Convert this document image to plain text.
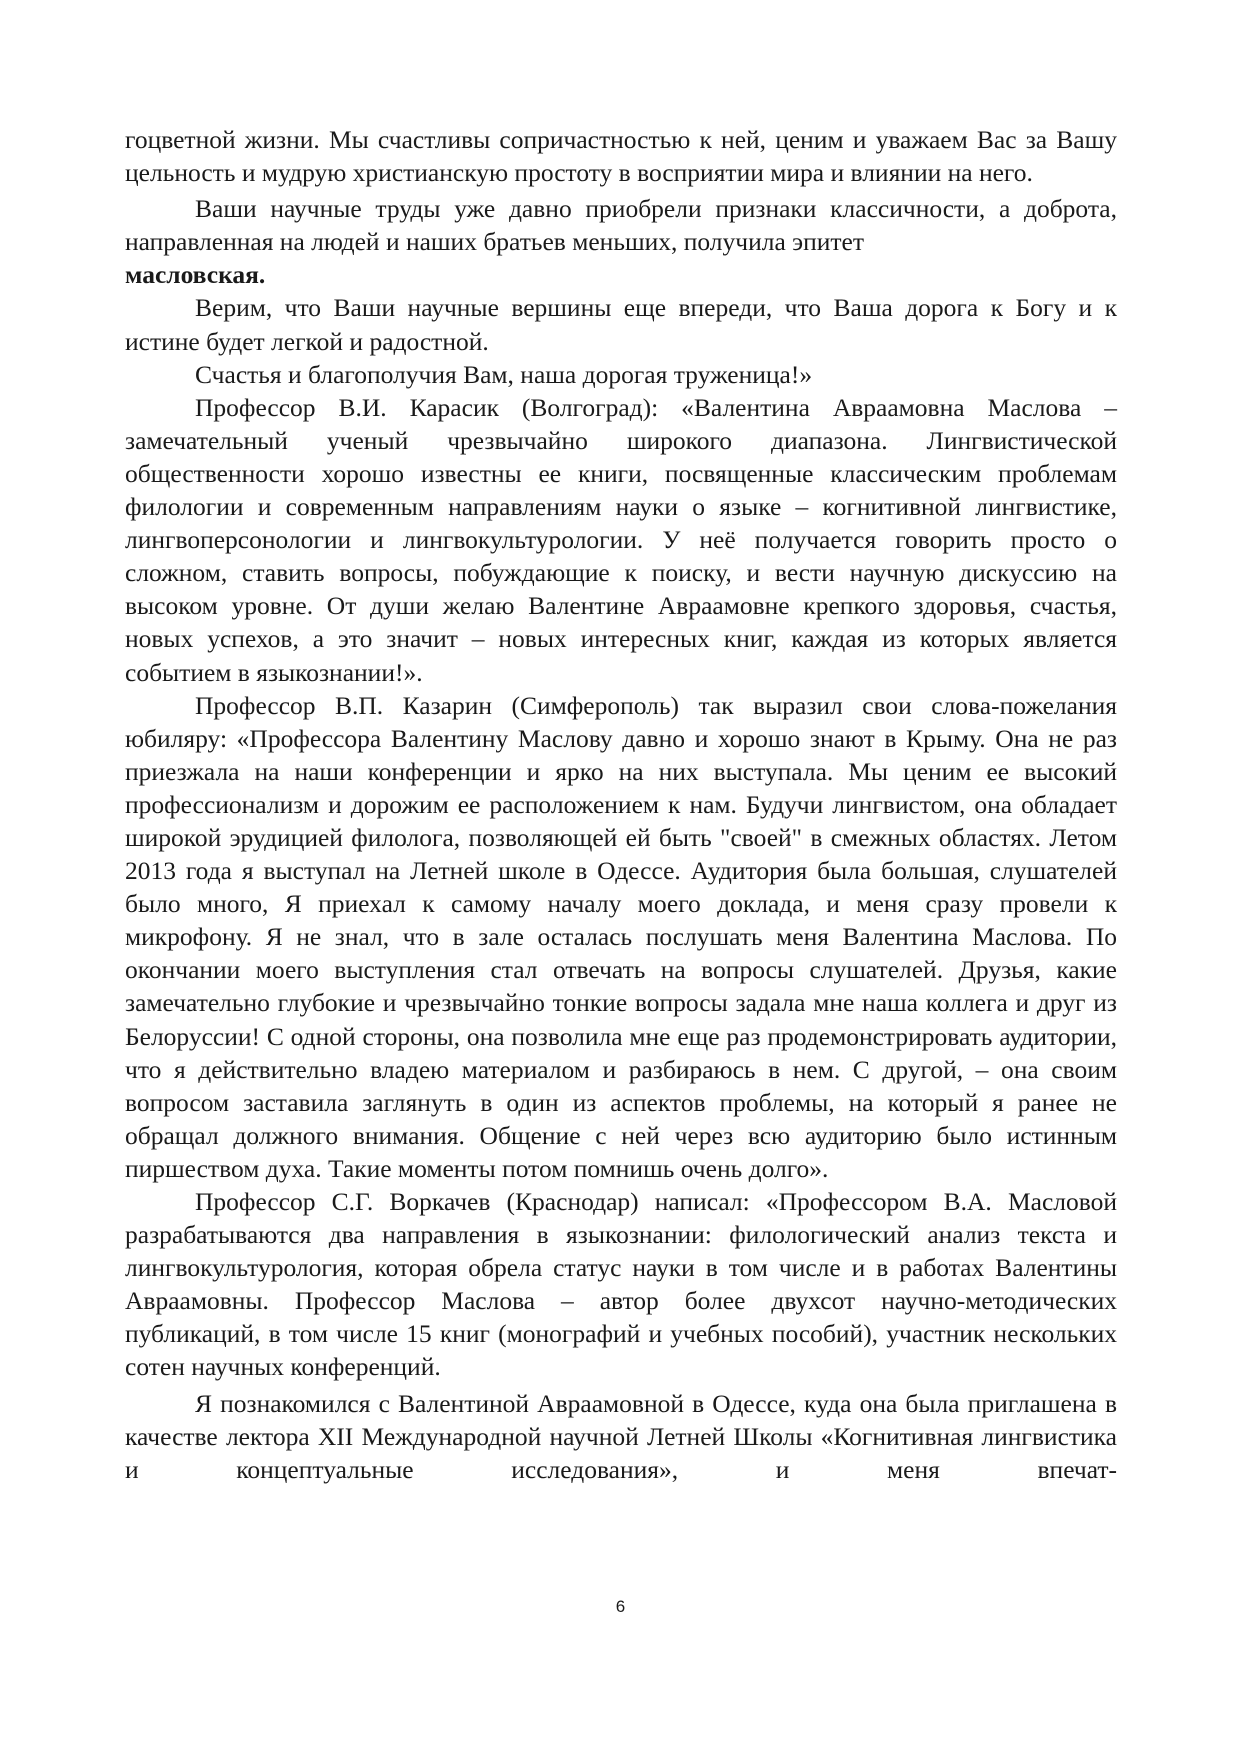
гоцветной жизни. Мы счастливы сопричастностью к ней, ценим и уважаем Вас за Вашу цельность и мудрую христианскую простоту в восприятии мира и влиянии на него.

Ваши научные труды уже давно приобрели признаки классичности, а доброта, направленная на людей и наших братьев меньших, получила эпитет
масловская.

Верим, что Ваши научные вершины еще впереди, что Ваша дорога к Богу и к истине будет легкой и радостной.

Счастья и благополучия Вам, наша дорогая труженица!»

Профессор В.И. Карасик (Волгоград): «Валентина Авраамовна Маслова – замечательный ученый чрезвычайно широкого диапазона. Лингвистической общественности хорошо известны ее книги, посвященные классическим проблемам филологии и современным направлениям науки о языке – когнитивной лингвистике, лингвоперсонологии и лингвокультурологии. У неё получается говорить просто о сложном, ставить вопросы, побуждающие к поиску, и вести научную дискуссию на высоком уровне. От души желаю Валентине Авраамовне крепкого здоровья, счастья, новых успехов, а это значит – новых интересных книг, каждая из которых является событием в языкознании!».

Профессор В.П. Казарин (Симферополь) так выразил свои слова-пожелания юбиляру: «Профессора Валентину Маслову давно и хорошо знают в Крыму. Она не раз приезжала на наши конференции и ярко на них выступала. Мы ценим ее высокий профессионализм и дорожим ее расположением к нам. Будучи лингвистом, она обладает широкой эрудицией филолога, позволяющей ей быть "своей" в смежных областях. Летом 2013 года я выступал на Летней школе в Одессе. Аудитория была большая, слушателей было много, Я приехал к самому началу моего доклада, и меня сразу провели к микрофону. Я не знал, что в зале осталась послушать меня Валентина Маслова. По окончании моего выступления стал отвечать на вопросы слушателей. Друзья, какие замечательно глубокие и чрезвычайно тонкие вопросы задала мне наша коллега и друг из Белоруссии! С одной стороны, она позволила мне еще раз продемонстрировать аудитории, что я действительно владею материалом и разбираюсь в нем. С другой, – она своим вопросом заставила заглянуть в один из аспектов проблемы, на который я ранее не обращал должного внимания. Общение с ней через всю аудиторию было истинным пиршеством духа. Такие моменты потом помнишь очень долго».

Профессор С.Г. Воркачев (Краснодар) написал: «Профессором В.А. Масловой разрабатываются два направления в языкознании: филологический анализ текста и лингвокультурология, которая обрела статус науки в том числе и в работах Валентины Авраамовны. Профессор Маслова – автор более двухсот научно-методических публикаций, в том числе 15 книг (монографий и учебных пособий), участник нескольких сотен научных конференций.

Я познакомился с Валентиной Авраамовной в Одессе, куда она была приглашена в качестве лектора XII Международной научной Летней Школы «Когнитивная лингвистика и концептуальные исследования», и меня впечат-

6
